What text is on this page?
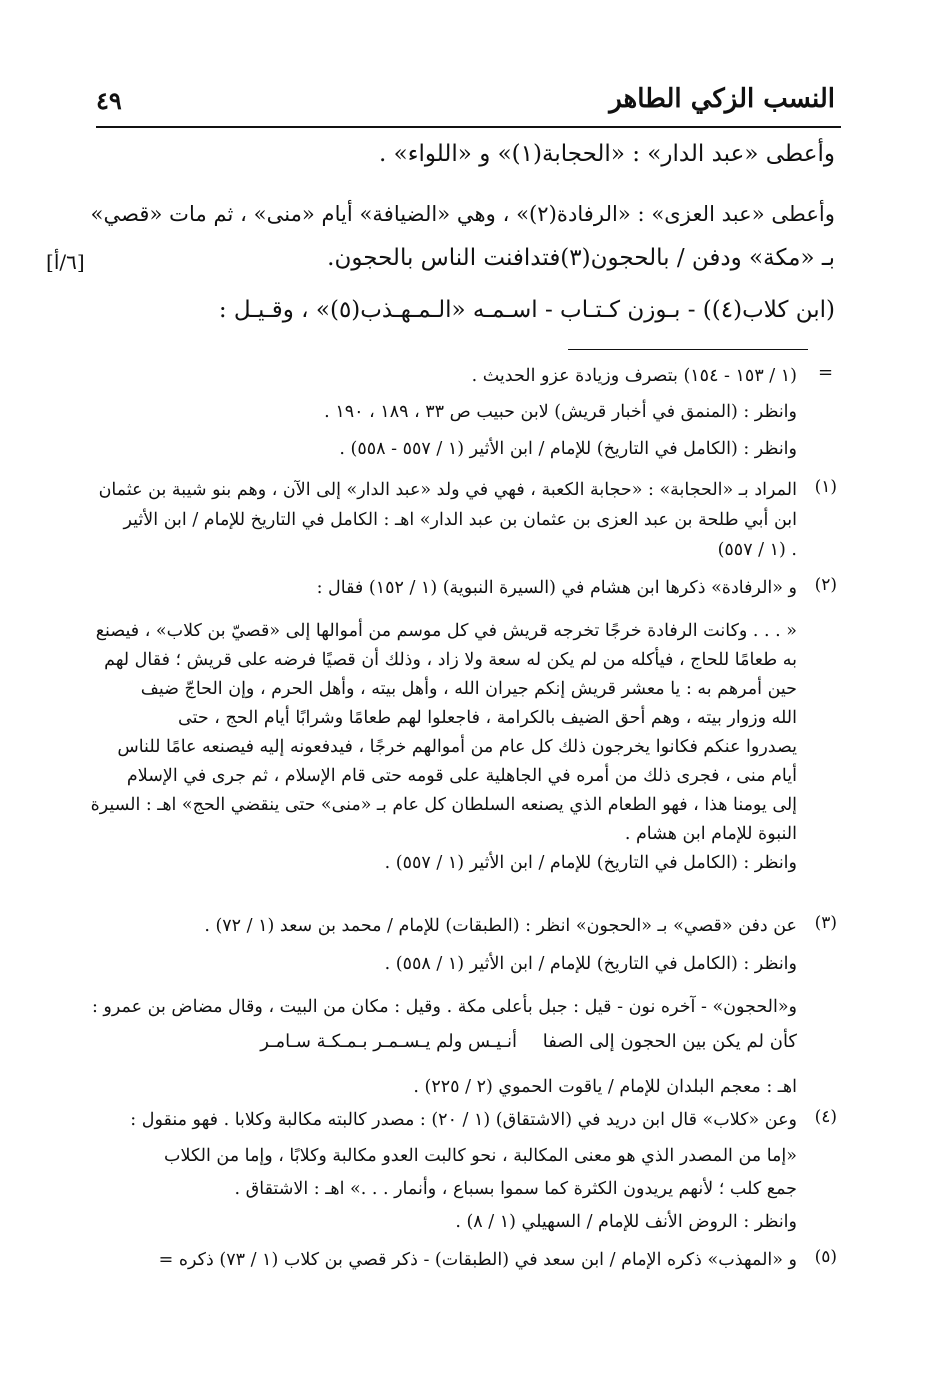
النسب الزكي الطاهر
٤٩
وأعطى «عبد الدار» : «الحجابة(١)» و «اللواء» .
وأعطى «عبد العزى» : «الرفادة(٢)» ، وهي «الضيافة» أيام «منى» ، ثم مات «قصي»
بـ «مكة» ودفن / بالحجون(٣)فتدافنت الناس بالحجون.
[٦/أ]
(ابن كلاب(٤)) - بـوزن كـتـاب - اسـمـه «الـمـهـذب(٥)» ، وقـيـل :
=
(١ / ١٥٣ - ١٥٤) بتصرف وزيادة عزو الحديث .
وانظر : (المنمق في أخبار قريش) لابن حبيب ص ٣٣ ، ١٨٩ ، ١٩٠ .
وانظر : (الكامل في التاريخ) للإمام / ابن الأثير (١ / ٥٥٧ - ٥٥٨) .
(١)
المراد بـ «الحجابة» : «حجابة الكعبة ، فهي في ولد «عبد الدار» إلى الآن ، وهم بنو شيبة بن عثمان
ابن أبي طلحة بن عبد العزى بن عثمان بن عبد الدار» اهـ : الكامل في التاريخ للإمام / ابن الأثير
(١ / ٥٥٧) .
(٢)
و «الرفادة» ذكرها ابن هشام في (السيرة النبوية) (١ / ١٥٢) فقال :
« . . . وكانت الرفادة خرجًا تخرجه قريش في كل موسم من أموالها إلى «قصيّ بن كلاب» ، فيصنع
به طعامًا للحاج ، فيأكله من لم يكن له سعة ولا زاد ، وذلك أن قصيًا فرضه على قريش ؛ فقال لهم
حين أمرهم به : يا معشر قريش إنكم جيران الله ، وأهل بيته ، وأهل الحرم ، وإن الحاجّ ضيف
الله وزوار بيته ، وهم أحق الضيف بالكرامة ، فاجعلوا لهم طعامًا وشرابًا أيام الحج ، حتى
يصدروا عنكم فكانوا يخرجون ذلك كل عام من أموالهم خرجًا ، فيدفعونه إليه فيصنعه عامًا للناس
أيام منى ، فجرى ذلك من أمره في الجاهلية على قومه حتى قام الإسلام ، ثم جرى في الإسلام
إلى يومنا هذا ، فهو الطعام الذي يصنعه السلطان كل عام بـ «منى» حتى ينقضي الحج» اهـ : السيرة
النبوة للإمام ابن هشام .
وانظر : (الكامل في التاريخ) للإمام / ابن الأثير (١ / ٥٥٧) .
(٣)
عن دفن «قصي» بـ «الحجون» انظر : (الطبقات) للإمام / محمد بن سعد (١ / ٧٢) .
وانظر : (الكامل في التاريخ) للإمام / ابن الأثير (١ / ٥٥٨) .
و«الحجون» - آخره نون - قيل : جبل بأعلى مكة . وقيل : مكان من البيت ، وقال مضاض بن عمرو :
كأن لم يكن بين الحجون إلى الصفا
أنـيـس ولم يـسـمـر بـمـكـة سـامـر
اهـ : معجم البلدان للإمام / ياقوت الحموي (٢ / ٢٢٥) .
(٤)
وعن «كلاب» قال ابن دريد في (الاشتقاق) (١ / ٢٠) : مصدر كالبته مكالبة وكلابا . فهو منقول :
«إما من المصدر الذي هو معنى المكالبة ، نحو كالبت العدو مكالبة وكلابًا ، وإما من الكلاب
جمع كلب ؛ لأنهم يريدون الكثرة كما سموا بسباع ، وأنمار . . .» اهـ : الاشتقاق .
وانظر : الروض الأنف للإمام / السهيلي (١ / ٨) .
(٥)
و «المهذب» ذكره الإمام / ابن سعد في (الطبقات) - ذكر قصي بن كلاب (١ / ٧٣) ذكره =
